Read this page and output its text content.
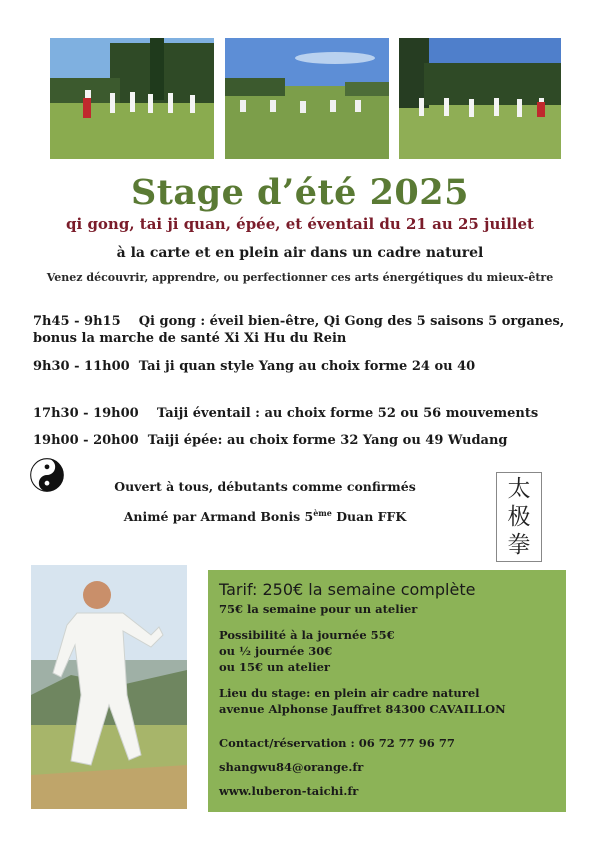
Stage d’été 2025
qi gong, tai ji quan, épée, et éventail du 21 au 25 juillet
à la carte et en plein air dans un cadre naturel
Venez découvrir, apprendre, ou perfectionner ces arts énergétiques du mieux-être
7h45 - 9h15    Qi gong : éveil bien-être, Qi Gong des 5 saisons 5 organes, bonus la marche de santé Xi Xi Hu du Rein
9h30 - 11h00  Tai ji quan style Yang au choix forme 24 ou 40
17h30 - 19h00    Taiji éventail : au choix forme 52 ou 56 mouvements
19h00 - 20h00  Taiji épée: au choix forme 32 Yang ou 49 Wudang
Ouvert à tous, débutants comme confirmés
Animé par Armand Bonis 5ème Duan FFK
太
极
拳
Tarif: 250€ la semaine complète
75€ la semaine pour un atelier
Possibilité à la journée 55€
ou ½ journée 30€
ou 15€ un atelier
Lieu du stage: en plein air cadre naturel
avenue Alphonse Jauffret 84300 CAVAILLON
Contact/réservation : 06 72 77 96 77
shangwu84@orange.fr
www.luberon-taichi.fr
